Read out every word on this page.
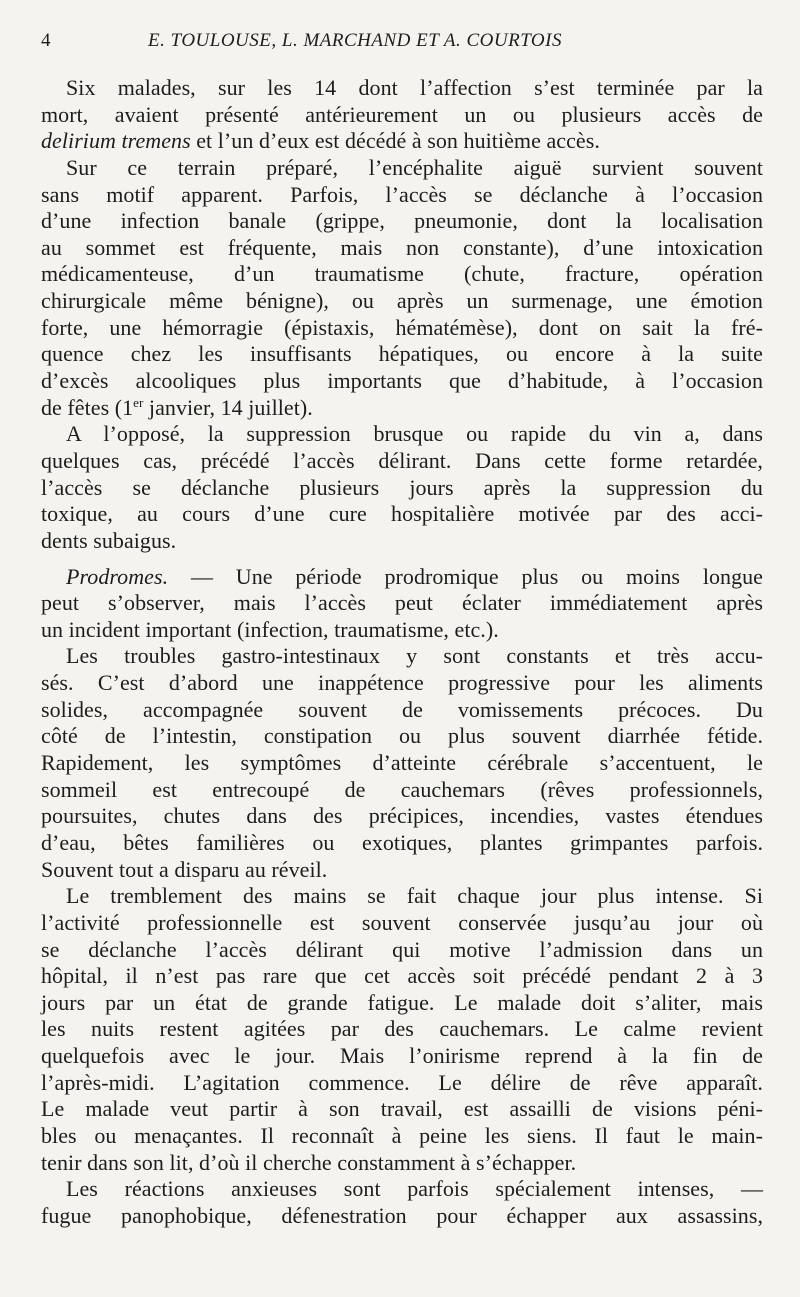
4	E. TOULOUSE, L. MARCHAND ET A. COURTOIS
Six malades, sur les 14 dont l’affection s’est terminée par la
mort, avaient présenté antérieurement un ou plusieurs accès de
delirium tremens et l’un d’eux est décédé à son huitième accès.
Sur ce terrain préparé, l’encéphalite aiguë survient souvent
sans motif apparent. Parfois, l’accès se déclanche à l’occasion
d’une infection banale (grippe, pneumonie, dont la localisation
au sommet est fréquente, mais non constante), d’une intoxication
médicamenteuse, d’un traumatisme (chute, fracture, opération
chirurgicale même bénigne), ou après un surmenage, une émotion
forte, une hémorragie (épistaxis, hématémèse), dont on sait la fré-
quence chez les insuffisants hépatiques, ou encore à la suite
d’excès alcooliques plus importants que d’habitude, à l’occasion
de fêtes (1er janvier, 14 juillet).
A l’opposé, la suppression brusque ou rapide du vin a, dans
quelques cas, précédé l’accès délirant. Dans cette forme retardée,
l’accès se déclanche plusieurs jours après la suppression du
toxique, au cours d’une cure hospitalière motivée par des acci-
dents subaigus.
Prodromes. — Une période prodromique plus ou moins longue
peut s’observer, mais l’accès peut éclater immédiatement après
un incident important (infection, traumatisme, etc.).
Les troubles gastro-intestinaux y sont constants et très accu-
sés. C’est d’abord une inappétence progressive pour les aliments
solides, accompagnée souvent de vomissements précoces. Du
côté de l’intestin, constipation ou plus souvent diarrhée fétide.
Rapidement, les symptômes d’atteinte cérébrale s’accentuent, le
sommeil est entrecoupé de cauchemars (rêves professionnels,
poursuites, chutes dans des précipices, incendies, vastes étendues
d’eau, bêtes familières ou exotiques, plantes grimpantes parfois.
Souvent tout a disparu au réveil.
Le tremblement des mains se fait chaque jour plus intense. Si
l’activité professionnelle est souvent conservée jusqu’au jour où
se déclanche l’accès délirant qui motive l’admission dans un
hôpital, il n’est pas rare que cet accès soit précédé pendant 2 à 3
jours par un état de grande fatigue. Le malade doit s’aliter, mais
les nuits restent agitées par des cauchemars. Le calme revient
quelquefois avec le jour. Mais l’onirisme reprend à la fin de
l’après-midi. L’agitation commence. Le délire de rêve apparaît.
Le malade veut partir à son travail, est assailli de visions péni-
bles ou menaçantes. Il reconnaît à peine les siens. Il faut le main-
tenir dans son lit, d’où il cherche constamment à s’échapper.
Les réactions anxieuses sont parfois spécialement intenses, —
fugue panophobique, défenestration pour échapper aux assassins,
